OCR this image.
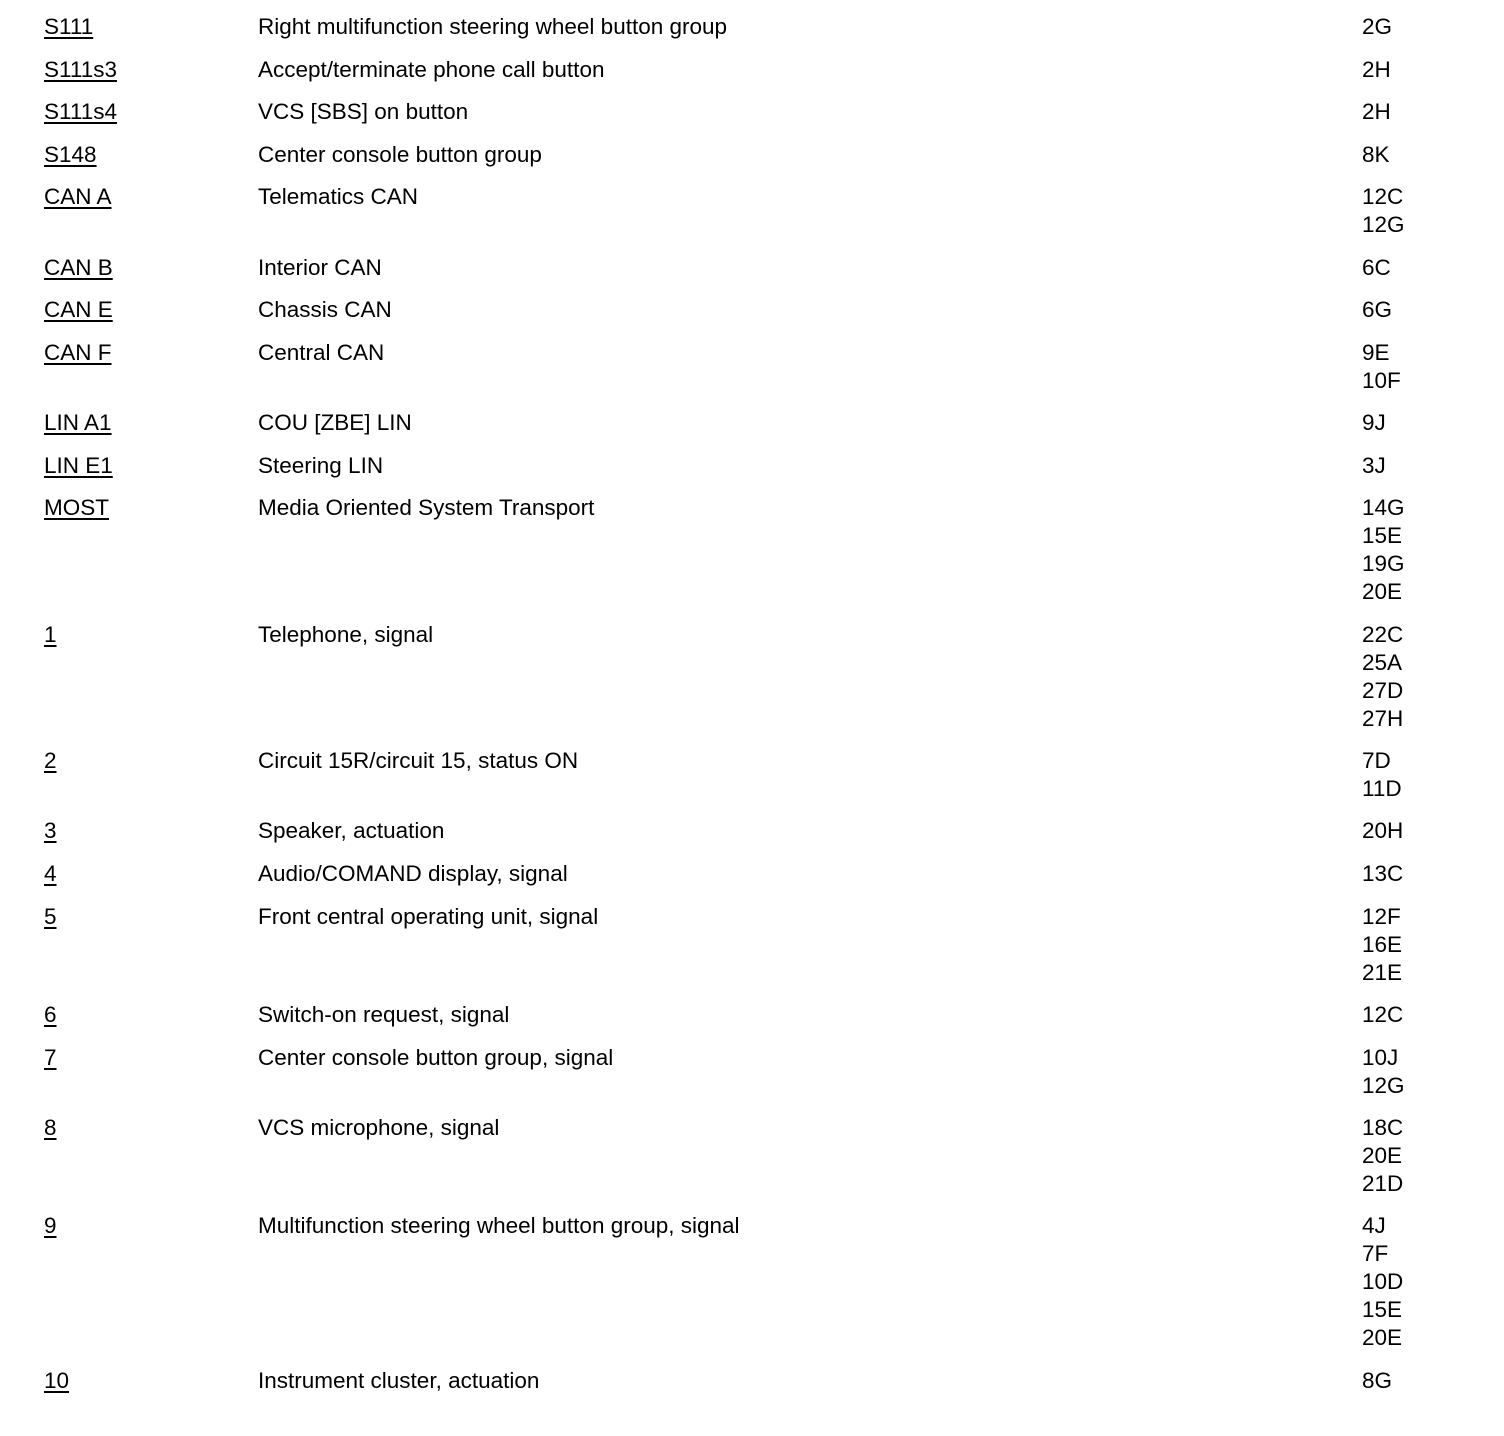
S111	Right multifunction steering wheel button group	2G
S111s3	Accept/terminate phone call button	2H
S111s4	VCS [SBS] on button	2H
S148	Center console button group	8K
CAN A	Telematics CAN	12C
12G
CAN B	Interior CAN	6C
CAN E	Chassis CAN	6G
CAN F	Central CAN	9E
10F
LIN A1	COU [ZBE] LIN	9J
LIN E1	Steering LIN	3J
MOST	Media Oriented System Transport	14G
15E
19G
20E
1	Telephone, signal	22C
25A
27D
27H
2	Circuit 15R/circuit 15, status ON	7D
11D
3	Speaker, actuation	20H
4	Audio/COMAND display, signal	13C
5	Front central operating unit, signal	12F
16E
21E
6	Switch-on request, signal	12C
7	Center console button group, signal	10J
12G
8	VCS microphone, signal	18C
20E
21D
9	Multifunction steering wheel button group, signal	4J
7F
10D
15E
20E
10	Instrument cluster, actuation	8G
